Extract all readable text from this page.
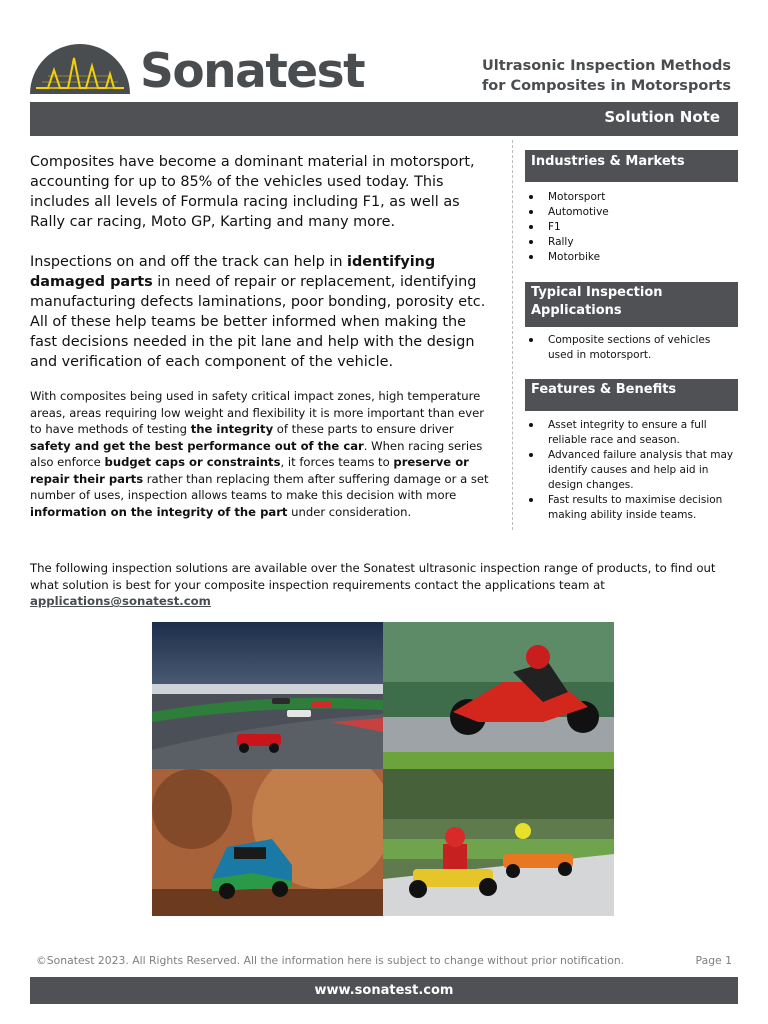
Sonatest	Ultrasonic Inspection Methods
for Composites in Motorsports
Solution Note

Composites have become a dominant material in motorsport, accounting for up to 85% of the vehicles used today. This includes all levels of Formula racing including F1, as well as Rally car racing, Moto GP, Karting and many more.

Inspections on and off the track can help in identifying damaged parts in need of repair or replacement, identifying manufacturing defects laminations, poor bonding, porosity etc. All of these help teams be better informed when making the fast decisions needed in the pit lane and help with the design and verification of each component of the vehicle.

With composites being used in safety critical impact zones, high temperature areas, areas requiring low weight and flexibility it is more important than ever to have methods of testing the integrity of these parts to ensure driver safety and get the best performance out of the car. When racing series also enforce budget caps or constraints, it forces teams to preserve or repair their parts rather than replacing them after suffering damage or a set number of uses, inspection allows teams to make this decision with more information on the integrity of the part under consideration.

Industries & Markets
Motorsport
Automotive
F1
Rally
Motorbike
Typical Inspection Applications
Composite sections of vehicles used in motorsport.
Features & Benefits
Asset integrity to ensure a full reliable race and season.
Advanced failure analysis that may identify causes and help aid in design changes.
Fast results to maximise decision making ability inside teams.

The following inspection solutions are available over the Sonatest ultrasonic inspection range of products, to find out what solution is best for your composite inspection requirements contact the applications team at applications@sonatest.com

©Sonatest 2023. All Rights Reserved. All the information here is subject to change without prior notification.	Page 1
www.sonatest.com
